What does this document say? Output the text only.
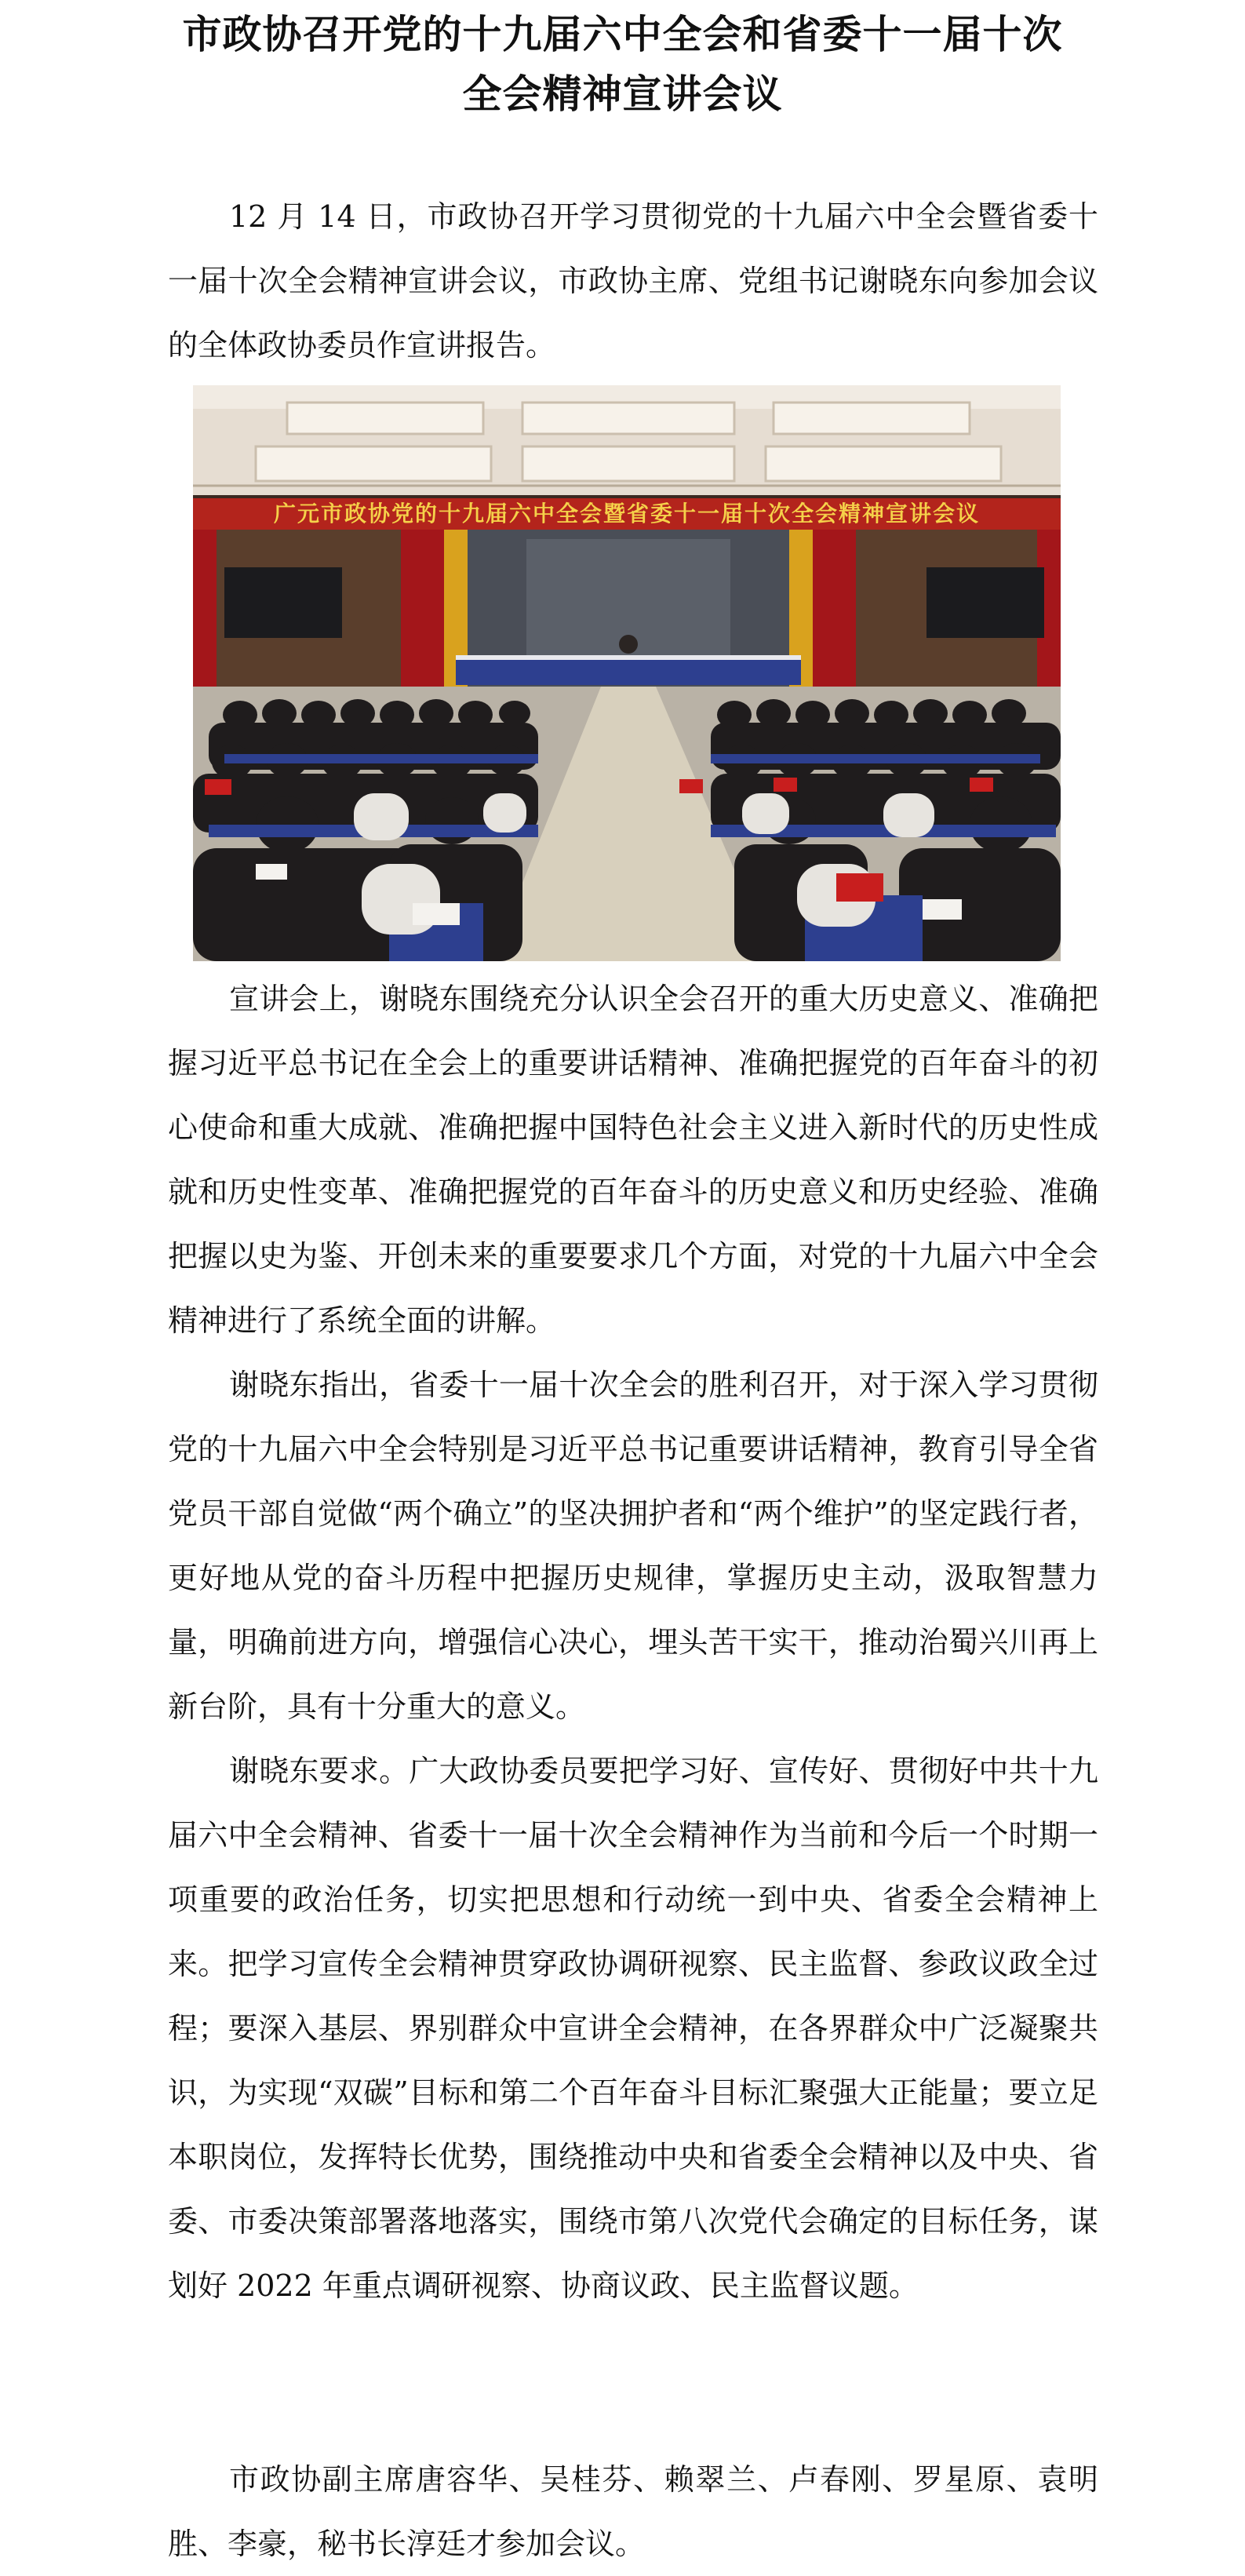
市政协召开党的十九届六中全会和省委十一届十次
全会精神宣讲会议

12 月 14 日，市政协召开学习贯彻党的十九届六中全会暨省委十一届十次全会精神宣讲会议，市政协主席、党组书记谢晓东向参加会议的全体政协委员作宣讲报告。

广元市政协党的十九届六中全会暨省委十一届十次全会精神宣讲会议

宣讲会上，谢晓东围绕充分认识全会召开的重大历史意义、准确把握习近平总书记在全会上的重要讲话精神、准确把握党的百年奋斗的初心使命和重大成就、准确把握中国特色社会主义进入新时代的历史性成就和历史性变革、准确把握党的百年奋斗的历史意义和历史经验、准确把握以史为鉴、开创未来的重要要求几个方面，对党的十九届六中全会精神进行了系统全面的讲解。

谢晓东指出，省委十一届十次全会的胜利召开，对于深入学习贯彻党的十九届六中全会特别是习近平总书记重要讲话精神，教育引导全省党员干部自觉做“两个确立”的坚决拥护者和“两个维护”的坚定践行者，更好地从党的奋斗历程中把握历史规律，掌握历史主动，汲取智慧力量，明确前进方向，增强信心决心，埋头苦干实干，推动治蜀兴川再上新台阶，具有十分重大的意义。

谢晓东要求。广大政协委员要把学习好、宣传好、贯彻好中共十九届六中全会精神、省委十一届十次全会精神作为当前和今后一个时期一项重要的政治任务，切实把思想和行动统一到中央、省委全会精神上来。把学习宣传全会精神贯穿政协调研视察、民主监督、参政议政全过程；要深入基层、界别群众中宣讲全会精神，在各界群众中广泛凝聚共识，为实现“双碳”目标和第二个百年奋斗目标汇聚强大正能量；要立足本职岗位，发挥特长优势，围绕推动中央和省委全会精神以及中央、省委、市委决策部署落地落实，围绕市第八次党代会确定的目标任务，谋划好 2022 年重点调研视察、协商议政、民主监督议题。

市政协副主席唐容华、吴桂芬、赖翠兰、卢春刚、罗星原、袁明胜、李豪，秘书长淳廷才参加会议。
